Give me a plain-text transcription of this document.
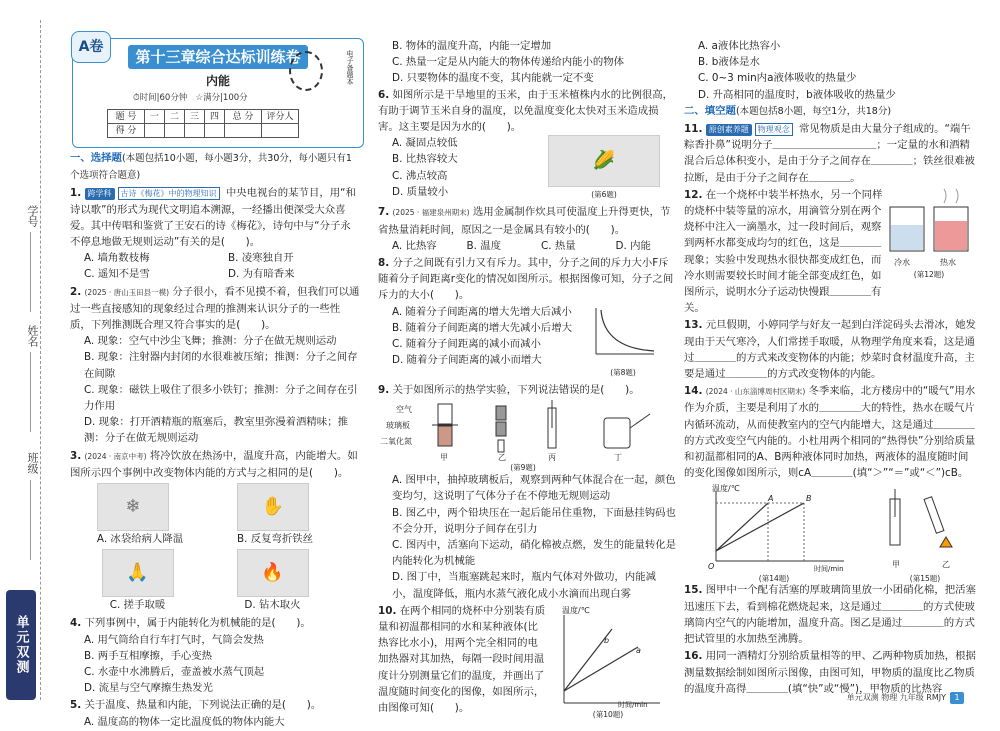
学号
姓名
班级
单元双测
A卷
第十三章综合达标训练卷
内能
⏱时间|60分钟 ☆满分|100分
电子备题本
题 号	一	二	三	四	总 分	评分人
得 分						
一、选择题(本题包括10小题，每小题3分，共30分，每小题只有1个选项符合题意)
1. 跨学科 古诗《梅花》中的物理知识 中央电视台的某节目，用“和诗以歌”的形式为现代文明追本溯源，一经播出便深受大众喜爱。其中传唱和鉴赏了王安石的诗《梅花》，诗句中与“分子永不停息地做无规则运动”有关的是(　　)。
A. 墙角数枝梅	B. 凌寒独自开
C. 遥知不是雪	D. 为有暗香来
2. (2025 · 唐山玉田县一模) 分子很小，看不见摸不着，但我们可以通过一些直接感知的现象经过合理的推测来认识分子的一些性质，下列推测既合理又符合事实的是(　　)。
A. 现象：空气中沙尘飞舞；推测：分子在做无规则运动
B. 现象：注射器内封闭的水很难被压缩；推测：分子之间存在间隙
C. 现象：磁铁上吸住了很多小铁钉；推测：分子之间存在引力作用
D. 现象：打开酒精瓶的瓶塞后，教室里弥漫着酒精味；推测：分子在做无规则运动
3. (2024 · 南京中考) 将冷饮放在热汤中，温度升高，内能增大。如图所示四个事例中改变物体内能的方式与之相同的是(　　)。
❄
A. 冰袋给病人降温
✋
B. 反复弯折铁丝
🙏
C. 搓手取暖
🔥
D. 钻木取火
4. 下列事例中，属于内能转化为机械能的是(　　)。
A. 用气筒给自行车打气时，气筒会发热
B. 两手互相摩擦，手心变热
C. 水壶中水沸腾后，壶盖被水蒸气顶起
D. 流星与空气摩擦生热发光
5. 关于温度、热量和内能，下列说法正确的是(　　)。
A. 温度高的物体一定比温度低的物体内能大
B. 物体的温度升高，内能一定增加
C. 热量一定是从内能大的物体传递给内能小的物体
D. 只要物体的温度不变，其内能就一定不变
6. 如图所示是干旱地里的玉米，由于玉米植株内水的比例很高，有助于调节玉米自身的温度，以免温度变化太快对玉米造成损害。这主要是因为水的(　　)。
A. 凝固点较低
B. 比热容较大
C. 沸点较高
D. 质量较小
🌽
(第6题)
7. (2025 · 福建泉州期末) 选用金属制作炊具可使温度上升得更快，节省热量消耗时间，原因之一是金属具有较小的(　　)。
A. 比热容	B. 温度	C. 热量	D. 内能
8. 分子之间既有引力又有斥力。其中，分子之间的斥力大小F斥随着分子间距离r变化的情况如图所示。根据图像可知，分子之间斥力的大小(　　)。
A. 随着分子间距离的增大先增大后减小
B. 随着分子间距离的增大先减小后增大
C. 随着分子间距离的减小而减小
D. 随着分子间距离的减小而增大
(第8题)
9. 关于如图所示的热学实验，下列说法错误的是(　　)。
空气
玻璃板
二氧化氮
甲	乙	丙	丁
(第9题)
A. 图甲中，抽掉玻璃板后，观察到两种气体混合在一起，颜色变均匀，这说明了气体分子在不停地无规则运动
B. 图乙中，两个铅块压在一起后能吊住重物，下面悬挂钩码也不会分开，说明分子间存在引力
C. 图丙中，活塞向下运动，硝化棉被点燃，发生的能量转化是内能转化为机械能
D. 图丁中，当瓶塞跳起来时，瓶内气体对外做功，内能减小，温度降低，瓶内水蒸气液化成小水滴而出现白雾
10. 在两个相同的烧杯中分别装有质量和初温都相同的水和某种液体(比热容比水小)，用两个完全相同的电加热器对其加热，每隔一段时间用温度计分别测量它们的温度，并画出了温度随时间变化的图像，如图所示，由图像可知(　　)。
温度/℃
b
a
时间/min
(第10题)
A. a液体比热容小
B. b液体是水
C. 0~3 min内a液体吸收的热量少
D. 升高相同的温度时，b液体吸收的热量少
二、填空题(本题包括8小题，每空1分，共18分)
11. 原创素养题 物理观念 常见物质是由大量分子组成的。“端午粽香扑鼻”说明分子＿＿＿＿＿＿＿＿＿＿；一定量的水和酒精混合后总体积变小，是由于分子之间存在＿＿＿＿；铁丝很难被拉断，是由于分子之间存在＿＿＿＿。
12. 在一个烧杯中装半杯热水，另一个同样的烧杯中装等量的凉水，用滴管分别在两个烧杯中注入一滴墨水，过一段时间后，观察到两杯水都变成均匀的红色，这是＿＿＿＿现象；实验中发现热水很快都变成红色，而冷水则需要较长时间才能全部变成红色，如图所示，说明水分子运动快慢跟＿＿＿＿有关。
冷水	热水
(第12题)
13. 元旦假期，小婷同学与好友一起到白洋淀码头去滑冰，她发现由于天气寒冷，人们常搓手取暖，从物理学角度来看，这是通过＿＿＿＿的方式来改变物体的内能；炒菜时食材温度升高，主要是通过＿＿＿＿的方式改变物体的内能。
14. (2024 · 山东淄博周村区期末) 冬季来临，北方楼房中的“暖气”用水作为介质，主要是利用了水的＿＿＿＿大的特性，热水在暖气片内循环流动，从而使教室内的空气内能增大，这是通过＿＿＿＿的方式改变空气内能的。小杜用两个相同的“热得快”分别给质量和初温都相同的A、B两种液体同时加热，两液体的温度随时间的变化图像如图所示，则cA＿＿＿＿(填“＞”“＝”或“＜”)cB。
温度/℃
A	B
O	时间/min
(第14题)
甲	乙
(第15题)
15. 图甲中一个配有活塞的厚玻璃筒里放一小团硝化棉，把活塞迅速压下去，看到棉花燃烧起来，这是通过＿＿＿＿的方式使玻璃筒内空气的内能增加，温度升高。图乙是通过＿＿＿＿的方式把试管里的水加热至沸腾。
16. 用同一酒精灯分别给质量相等的甲、乙两种物质加热，根据测量数据绘制如图所示图像，由图可知，甲物质的温度比乙物质的温度升高得＿＿＿＿(填“快”或“慢”)，甲物质的比热容
单元双测 物理 九年级 RMJY 1
